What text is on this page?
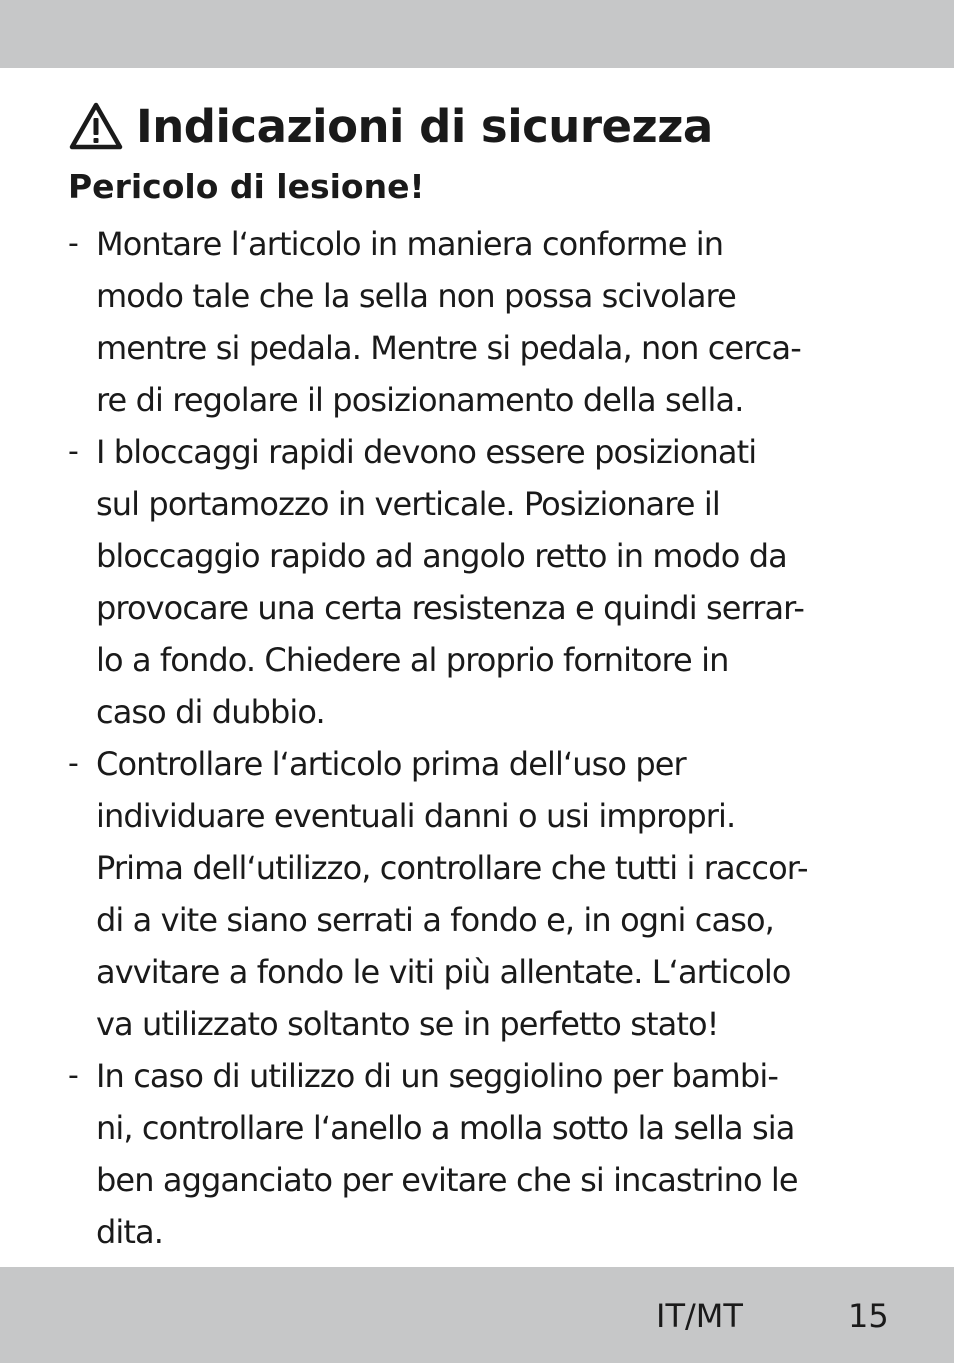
Indicazioni di sicurezza
Pericolo di lesione!
- Montare l‘articolo in maniera conforme in
modo tale che la sella non possa scivolare
mentre si pedala. Mentre si pedala, non cerca-
re di regolare il posizionamento della sella.
- I bloccaggi rapidi devono essere posizionati
sul portamozzo in verticale. Posizionare il
bloccaggio rapido ad angolo retto in modo da
provocare una certa resistenza e quindi serrar-
lo a fondo. Chiedere al proprio fornitore in
caso di dubbio.
- Controllare l‘articolo prima dell‘uso per
individuare eventuali danni o usi impropri.
Prima dell‘utilizzo, controllare che tutti i raccor-
di a vite siano serrati a fondo e, in ogni caso,
avvitare a fondo le viti più allentate. L‘articolo
va utilizzato soltanto se in perfetto stato!
- In caso di utilizzo di un seggiolino per bambi-
ni, controllare l‘anello a molla sotto la sella sia
ben agganciato per evitare che si incastrino le
dita.
IT/MT	15
